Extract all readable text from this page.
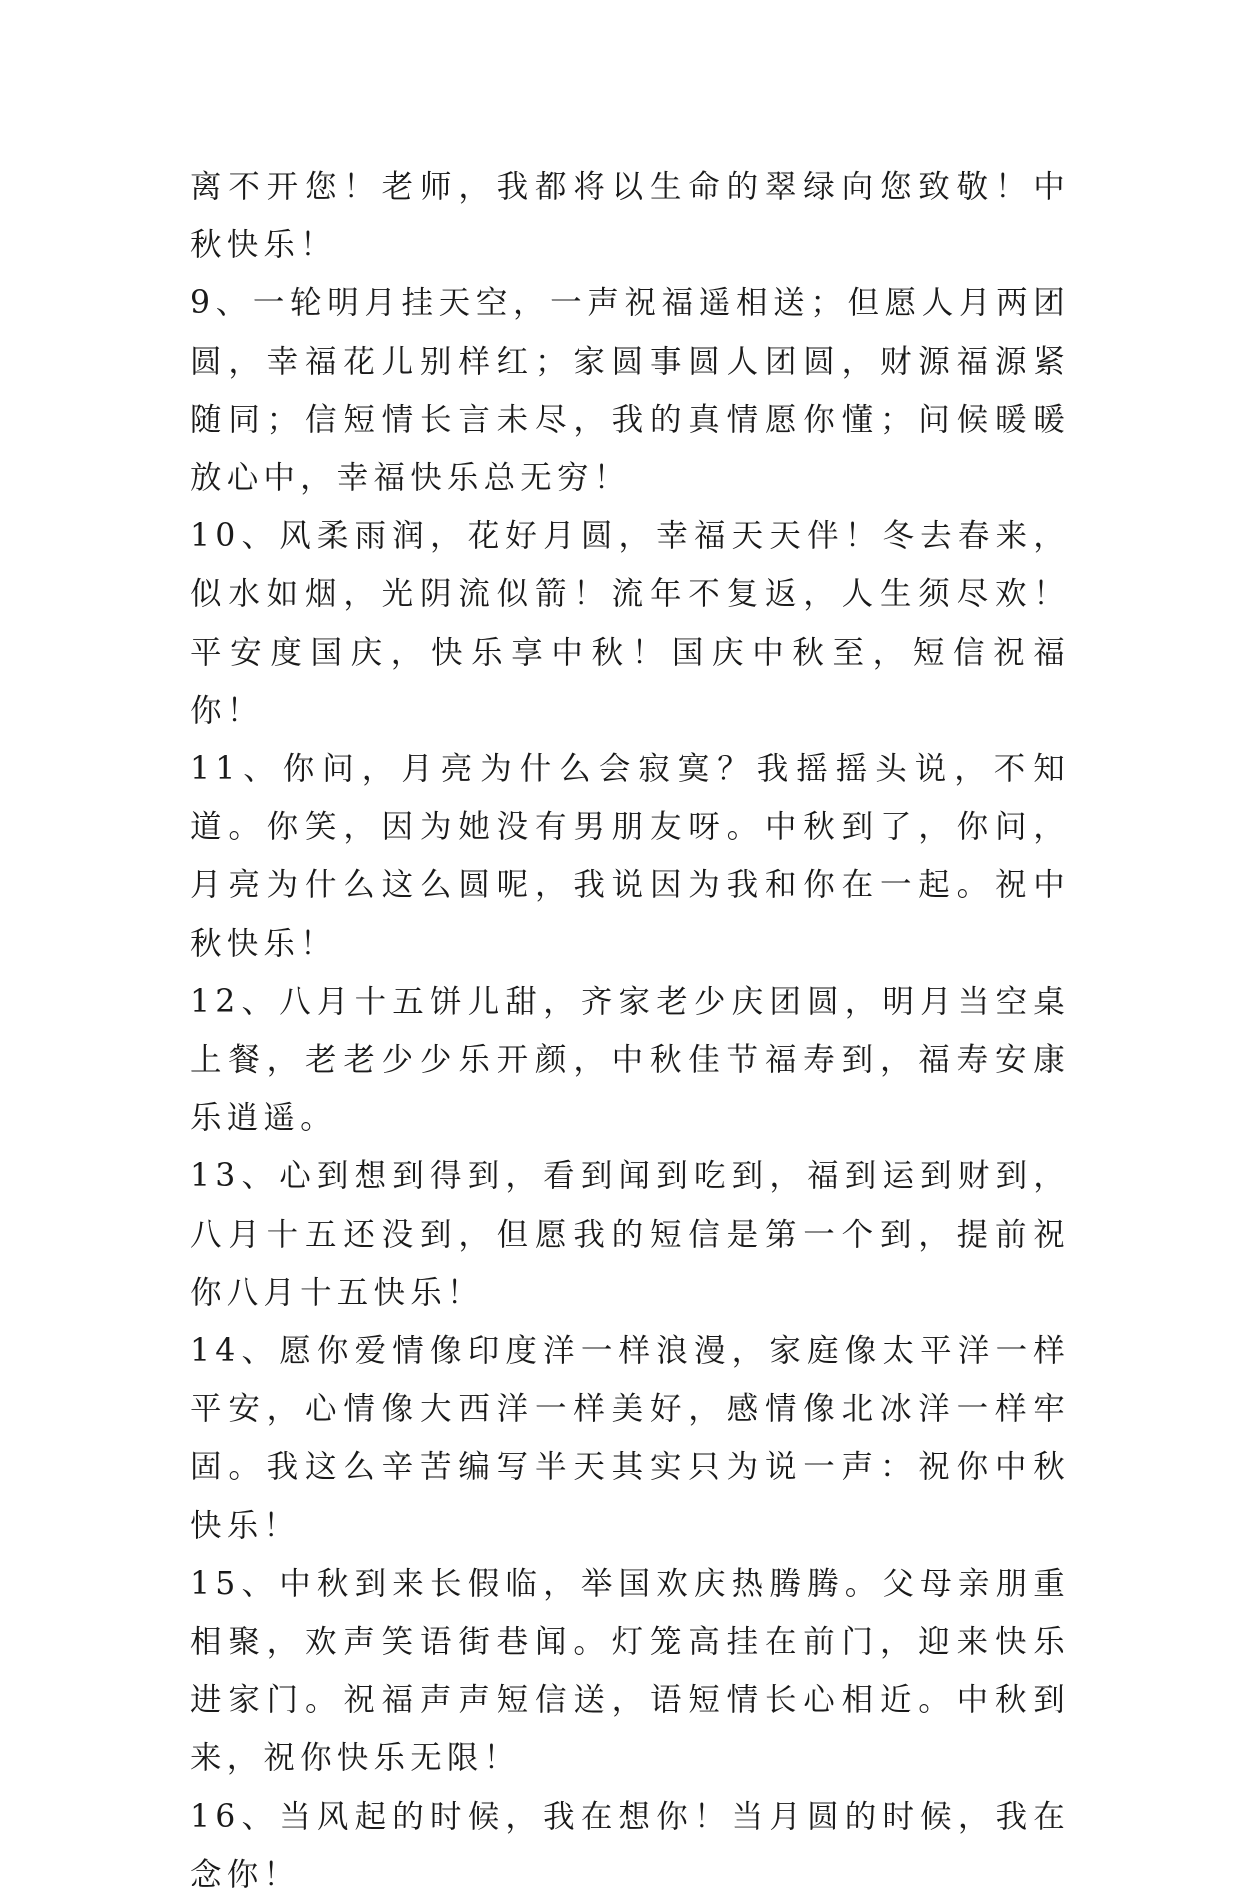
离不开您！老师，我都将以生命的翠绿向您致敬！中秋快乐！

9、一轮明月挂天空，一声祝福遥相送；但愿人月两团圆，幸福花儿别样红；家圆事圆人团圆，财源福源紧随同；信短情长言未尽，我的真情愿你懂；问候暖暖放心中，幸福快乐总无穷！

10、风柔雨润，花好月圆，幸福天天伴！冬去春来，似水如烟，光阴流似箭！流年不复返，人生须尽欢！平安度国庆，快乐享中秋！国庆中秋至，短信祝福你！

11、你问，月亮为什么会寂寞？我摇摇头说，不知道。你笑，因为她没有男朋友呀。中秋到了，你问，月亮为什么这么圆呢，我说因为我和你在一起。祝中秋快乐！

12、八月十五饼儿甜，齐家老少庆团圆，明月当空桌上餐，老老少少乐开颜，中秋佳节福寿到，福寿安康乐逍遥。

13、心到想到得到，看到闻到吃到，福到运到财到，八月十五还没到，但愿我的短信是第一个到，提前祝你八月十五快乐！

14、愿你爱情像印度洋一样浪漫，家庭像太平洋一样平安，心情像大西洋一样美好，感情像北冰洋一样牢固。我这么辛苦编写半天其实只为说一声：祝你中秋快乐！

15、中秋到来长假临，举国欢庆热腾腾。父母亲朋重相聚，欢声笑语街巷闻。灯笼高挂在前门，迎来快乐进家门。祝福声声短信送，语短情长心相近。中秋到来，祝你快乐无限！

16、当风起的时候，我在想你！当月圆的时候，我在念你！
